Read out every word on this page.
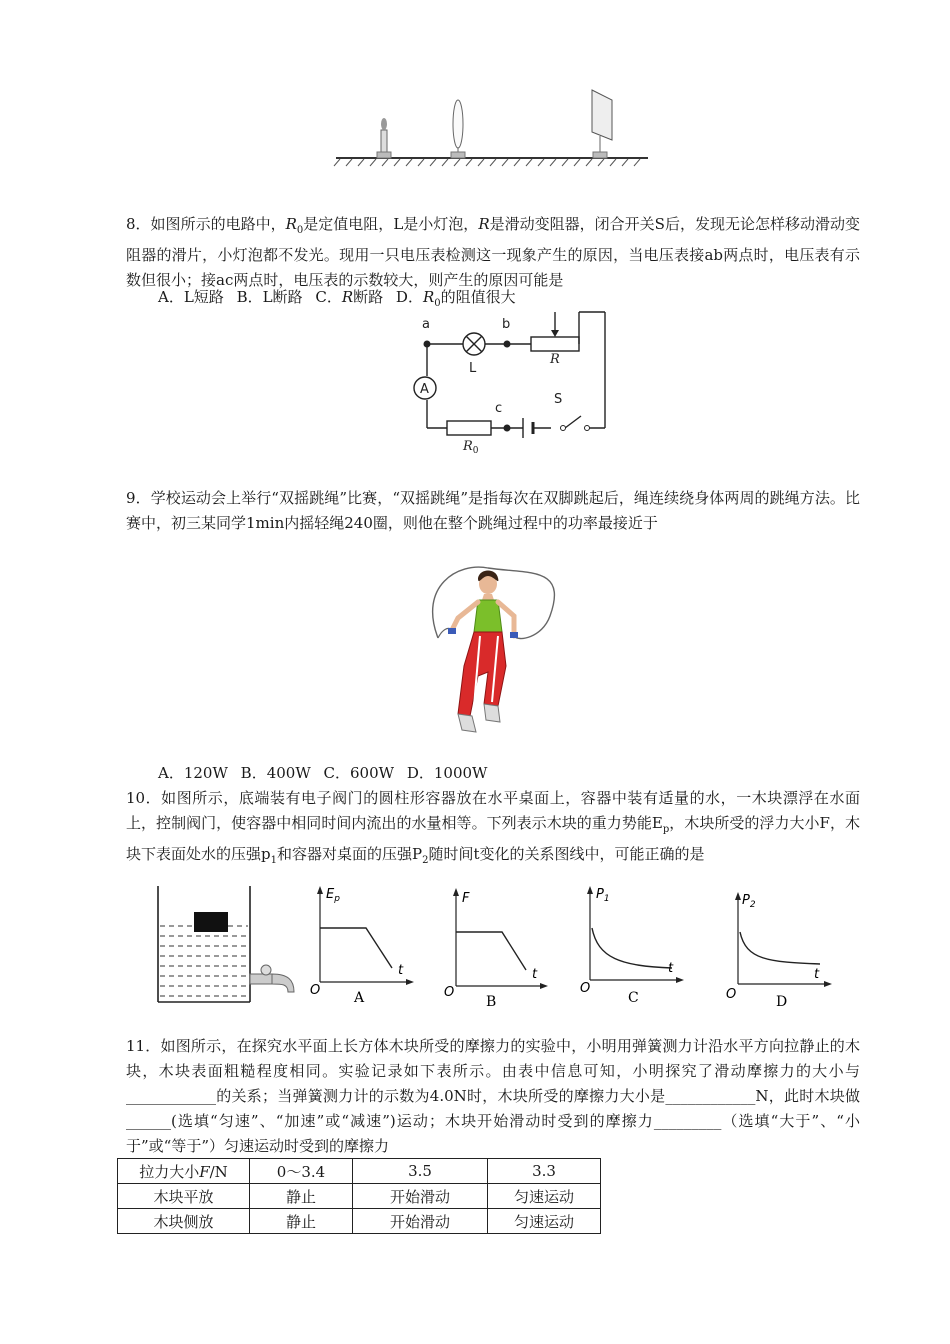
8．如图所示的电路中，$R_0$是定值电阻，L是小灯泡，R是滑动变阻器，闭合开关S后，发现无论怎样移动滑动变阻器的滑片，小灯泡都不发光。现用一只电压表检测这一现象产生的原因，当电压表接ab两点时，电压表有示数但很小；接ac两点时，电压表的示数较大，则产生的原因可能是
A．L短路 B．L断路 C．R断路 D．$R_0$的阻值很大
a	b
c
L
R
S
A
$R_0$
9．学校运动会上举行“双摇跳绳”比赛，“双摇跳绳”是指每次在双脚跳起后，绳连续绕身体两周的跳绳方法。比赛中，初三某同学1min内摇轻绳240圈，则他在整个跳绳过程中的功率最接近于
A．120W B．400W C．600W D．1000W
10．如图所示，底端装有电子阀门的圆柱形容器放在水平桌面上，容器中装有适量的水，一木块漂浮在水面上，控制阀门，使容器中相同时间内流出的水量相等。下列表示木块的重力势能$E_p$，木块所受的浮力大小F，木块下表面处水的压强$p_1$和容器对桌面的压强$P_2$随时间t变化的关系图线中，可能正确的是
$E_p$
t
O A
F
t
O
B
$P_1$
t
O
C
$P_2$
t
O	D
11．如图所示，在探究水平面上长方体木块所受的摩擦力的实验中，小明用弹簧测力计沿水平方向拉静止的木块，木块表面粗糙程度相同。实验记录如下表所示。由表中信息可知，小明探究了滑动摩擦力的大小与____________的关系；当弹簧测力计的示数为4.0N时，木块所受的摩擦力大小是____________N，此时木块做______(选填“匀速”、“加速”或“减速”)运动；木块开始滑动时受到的摩擦力_________（选填“大于”、“小于”或“等于”）匀速运动时受到的摩擦力
拉力大小F/N	0～3.4	3.5	3.3
木块平放	静止	开始滑动	匀速运动
木块侧放	静止	开始滑动	匀速运动
